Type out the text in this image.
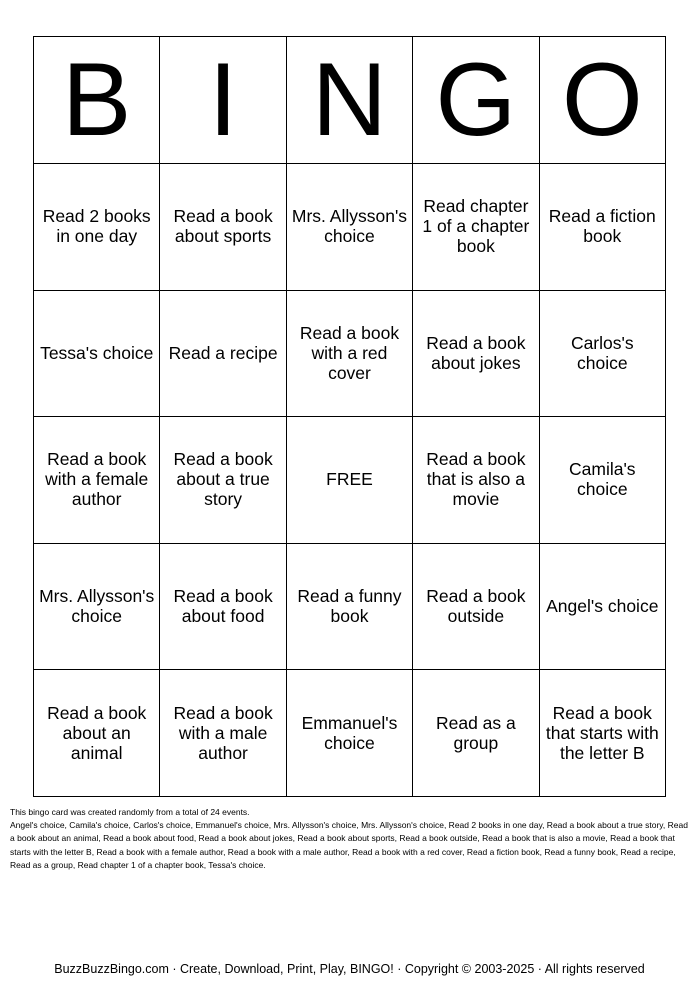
B	I	N	G	O
Read 2 books in one day	Read a book about sports	Mrs. Allysson's choice	Read chapter 1 of a chapter book	Read a fiction book
Tessa's choice	Read a recipe	Read a book with a red cover	Read a book about jokes	Carlos's choice
Read a book with a female author	Read a book about a true story	FREE	Read a book that is also a movie	Camila's choice
Mrs. Allysson's choice	Read a book about food	Read a funny book	Read a book outside	Angel's choice
Read a book about an animal	Read a book with a male author	Emmanuel's choice	Read as a group	Read a book that starts with the letter B

This bingo card was created randomly from a total of 24 events.

Angel's choice, Camila's choice, Carlos's choice, Emmanuel's choice, Mrs. Allysson's choice, Mrs. Allysson's choice, Read 2 books in one day, Read a book about a true story, Read a book about an animal, Read a book about food, Read a book about jokes, Read a book about sports, Read a book outside, Read a book that is also a movie, Read a book that starts with the letter B, Read a book with a female author, Read a book with a male author, Read a book with a red cover, Read a fiction book, Read a funny book, Read a recipe, Read as a group, Read chapter 1 of a chapter book, Tessa's choice.

BuzzBuzzBingo.com · Create, Download, Print, Play, BINGO! · Copyright © 2003-2025 · All rights reserved
